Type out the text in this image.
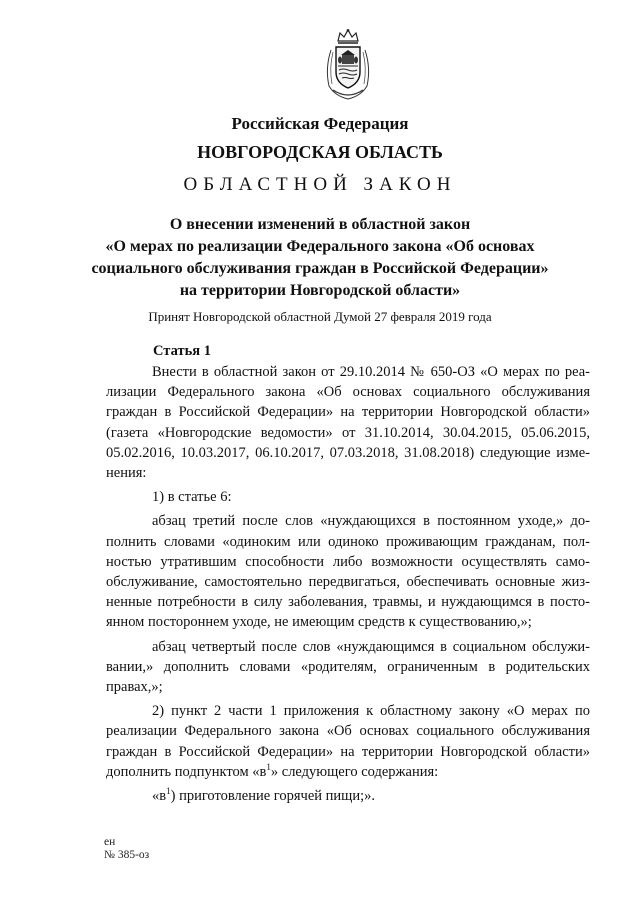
Российская Федерация
НОВГОРОДСКАЯ ОБЛАСТЬ
ОБЛАСТНОЙ ЗАКОН
О внесении изменений в областной закон
«О мерах по реализации Федерального закона «Об основах
социального обслуживания граждан в Российской Федерации»
на территории Новгородской области»
Принят Новгородской областной Думой 27 февраля 2019 года
Статья 1
Внести в областной закон от 29.10.2014 № 650-ОЗ «О мерах по реа-
лизации Федерального закона «Об основах социального обслуживания
граждан в Российской Федерации» на территории Новгородской области»
(газета «Новгородские ведомости» от 31.10.2014, 30.04.2015, 05.06.2015,
05.02.2016, 10.03.2017, 06.10.2017, 07.03.2018, 31.08.2018) следующие изме-
нения:
1) в статье 6:
абзац третий после слов «нуждающихся в постоянном уходе,» до-
полнить словами «одиноким или одиноко проживающим гражданам, пол-
ностью утратившим способности либо возможности осуществлять само-
обслуживание, самостоятельно передвигаться, обеспечивать основные жиз-
ненные потребности в силу заболевания, травмы, и нуждающимся в посто-
янном постороннем уходе, не имеющим средств к существованию,»;
абзац четвертый после слов «нуждающимся в социальном обслужи-
вании,» дополнить словами «родителям, ограниченным в родительских
правах,»;
2) пункт 2 части 1 приложения к областному закону «О мерах по
реализации Федерального закона «Об основах социального обслуживания
граждан в Российской Федерации» на территории Новгородской области»
дополнить подпунктом «$в^1$» следующего содержания:
«$в^1$) приготовление горячей пищи;».
ен
№ 385-оз
